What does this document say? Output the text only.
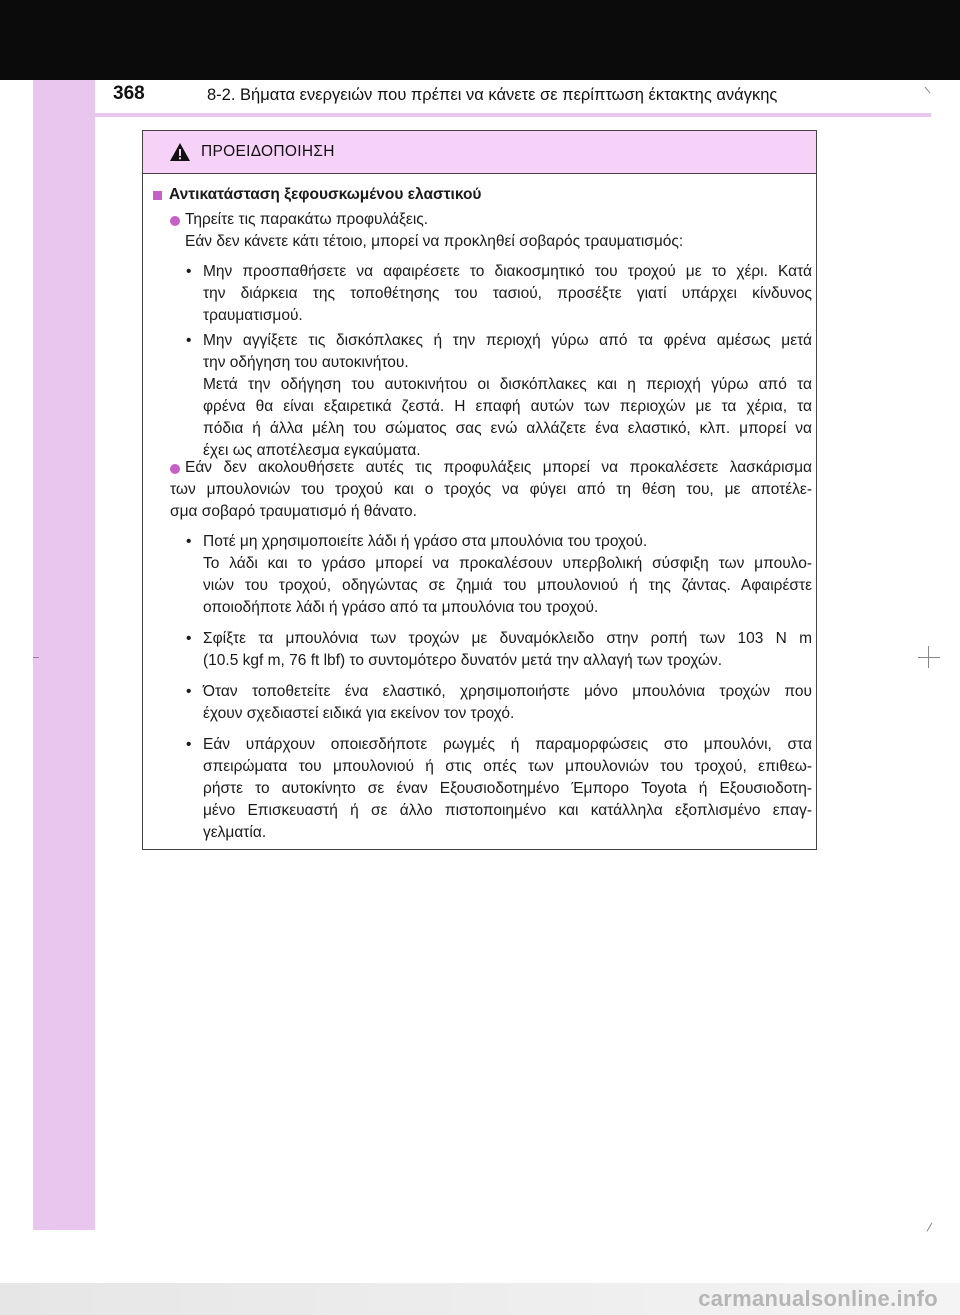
368	8-2. Βήματα ενεργειών που πρέπει να κάνετε σε περίπτωση έκτακτης ανάγκης
ΠΡΟΕΙΔΟΠΟΙΗΣΗ
Αντικατάσταση ξεφουσκωμένου ελαστικού
Τηρείτε τις παρακάτω προφυλάξεις.
Εάν δεν κάνετε κάτι τέτοιο, μπορεί να προκληθεί σοβαρός τραυματισμός:
• Μην προσπαθήσετε να αφαιρέσετε το διακοσμητικό του τροχού με το χέρι. Κατά
την διάρκεια της τοποθέτησης του τασιού, προσέξτε γιατί υπάρχει κίνδυνος
τραυματισμού.
• Μην αγγίξετε τις δισκόπλακες ή την περιοχή γύρω από τα φρένα αμέσως μετά
την οδήγηση του αυτοκινήτου.
Μετά την οδήγηση του αυτοκινήτου οι δισκόπλακες και η περιοχή γύρω από τα
φρένα θα είναι εξαιρετικά ζεστά. Η επαφή αυτών των περιοχών με τα χέρια, τα
πόδια ή άλλα μέλη του σώματος σας ενώ αλλάζετε ένα ελαστικό, κλπ. μπορεί να
έχει ως αποτέλεσμα εγκαύματα.
Εάν δεν ακολουθήσετε αυτές τις προφυλάξεις μπορεί να προκαλέσετε λασκάρισμα
των μπουλονιών του τροχού και ο τροχός να φύγει από τη θέση του, με αποτέλε-
σμα σοβαρό τραυματισμό ή θάνατο.
• Ποτέ μη χρησιμοποιείτε λάδι ή γράσο στα μπουλόνια του τροχού.
Το λάδι και το γράσο μπορεί να προκαλέσουν υπερβολική σύσφιξη των μπουλο-
νιών του τροχού, οδηγώντας σε ζημιά του μπουλονιού ή της ζάντας. Αφαιρέστε
οποιοδήποτε λάδι ή γράσο από τα μπουλόνια του τροχού.
• Σφίξτε τα μπουλόνια των τροχών με δυναμόκλειδο στην ροπή των 103 N m
(10.5 kgf m, 76 ft lbf) το συντομότερο δυνατόν μετά την αλλαγή των τροχών.
• Όταν τοποθετείτε ένα ελαστικό, χρησιμοποιήστε μόνο μπουλόνια τροχών που
έχουν σχεδιαστεί ειδικά για εκείνον τον τροχό.
• Εάν υπάρχουν οποιεσδήποτε ρωγμές ή παραμορφώσεις στο μπουλόνι, στα
σπειρώματα του μπουλονιού ή στις οπές των μπουλονιών του τροχού, επιθεω-
ρήστε το αυτοκίνητο σε έναν Εξουσιοδοτημένο Έμπορο Toyota ή Εξουσιοδοτη-
μένο Επισκευαστή ή σε άλλο πιστοποιημένο και κατάλληλα εξοπλισμένο επαγ-
γελματία.
carmanualsonline.info
